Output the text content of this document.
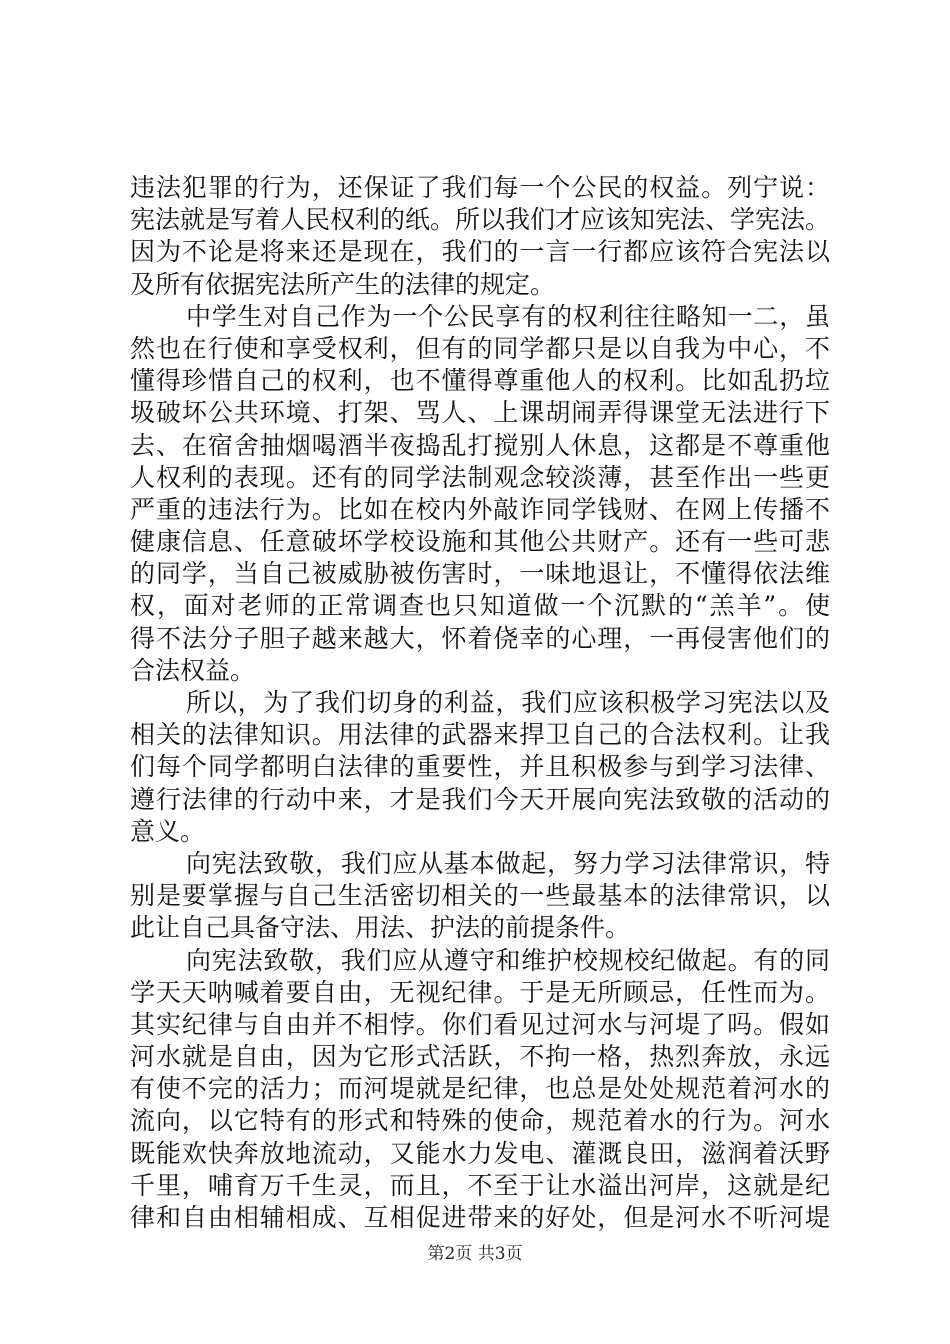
违法犯罪的行为，还保证了我们每一个公民的权益。列宁说：
宪法就是写着人民权利的纸。所以我们才应该知宪法、学宪法。
因为不论是将来还是现在，我们的一言一行都应该符合宪法以
及所有依据宪法所产生的法律的规定。
中学生对自己作为一个公民享有的权利往往略知一二，虽
然也在行使和享受权利，但有的同学都只是以自我为中心，不
懂得珍惜自己的权利，也不懂得尊重他人的权利。比如乱扔垃
圾破坏公共环境、打架、骂人、上课胡闹弄得课堂无法进行下
去、在宿舍抽烟喝酒半夜捣乱打搅别人休息，这都是不尊重他
人权利的表现。还有的同学法制观念较淡薄，甚至作出一些更
严重的违法行为。比如在校内外敲诈同学钱财、在网上传播不
健康信息、任意破坏学校设施和其他公共财产。还有一些可悲
的同学，当自己被威胁被伤害时，一味地退让，不懂得依法维
权，面对老师的正常调查也只知道做一个沉默的“羔羊”。使
得不法分子胆子越来越大，怀着侥幸的心理，一再侵害他们的
合法权益。
所以，为了我们切身的利益，我们应该积极学习宪法以及
相关的法律知识。用法律的武器来捍卫自己的合法权利。让我
们每个同学都明白法律的重要性，并且积极参与到学习法律、
遵行法律的行动中来，才是我们今天开展向宪法致敬的活动的
意义。
向宪法致敬，我们应从基本做起，努力学习法律常识，特
别是要掌握与自己生活密切相关的一些最基本的法律常识，以
此让自己具备守法、用法、护法的前提条件。
向宪法致敬，我们应从遵守和维护校规校纪做起。有的同
学天天呐喊着要自由，无视纪律。于是无所顾忌，任性而为。
其实纪律与自由并不相悖。你们看见过河水与河堤了吗。假如
河水就是自由，因为它形式活跃，不拘一格，热烈奔放，永远
有使不完的活力；而河堤就是纪律，也总是处处规范着河水的
流向，以它特有的形式和特殊的使命，规范着水的行为。河水
既能欢快奔放地流动，又能水力发电、灌溉良田，滋润着沃野
千里，哺育万千生灵，而且，不至于让水溢出河岸，这就是纪
律和自由相辅相成、互相促进带来的好处，但是河水不听河堤
第2页 共3页
